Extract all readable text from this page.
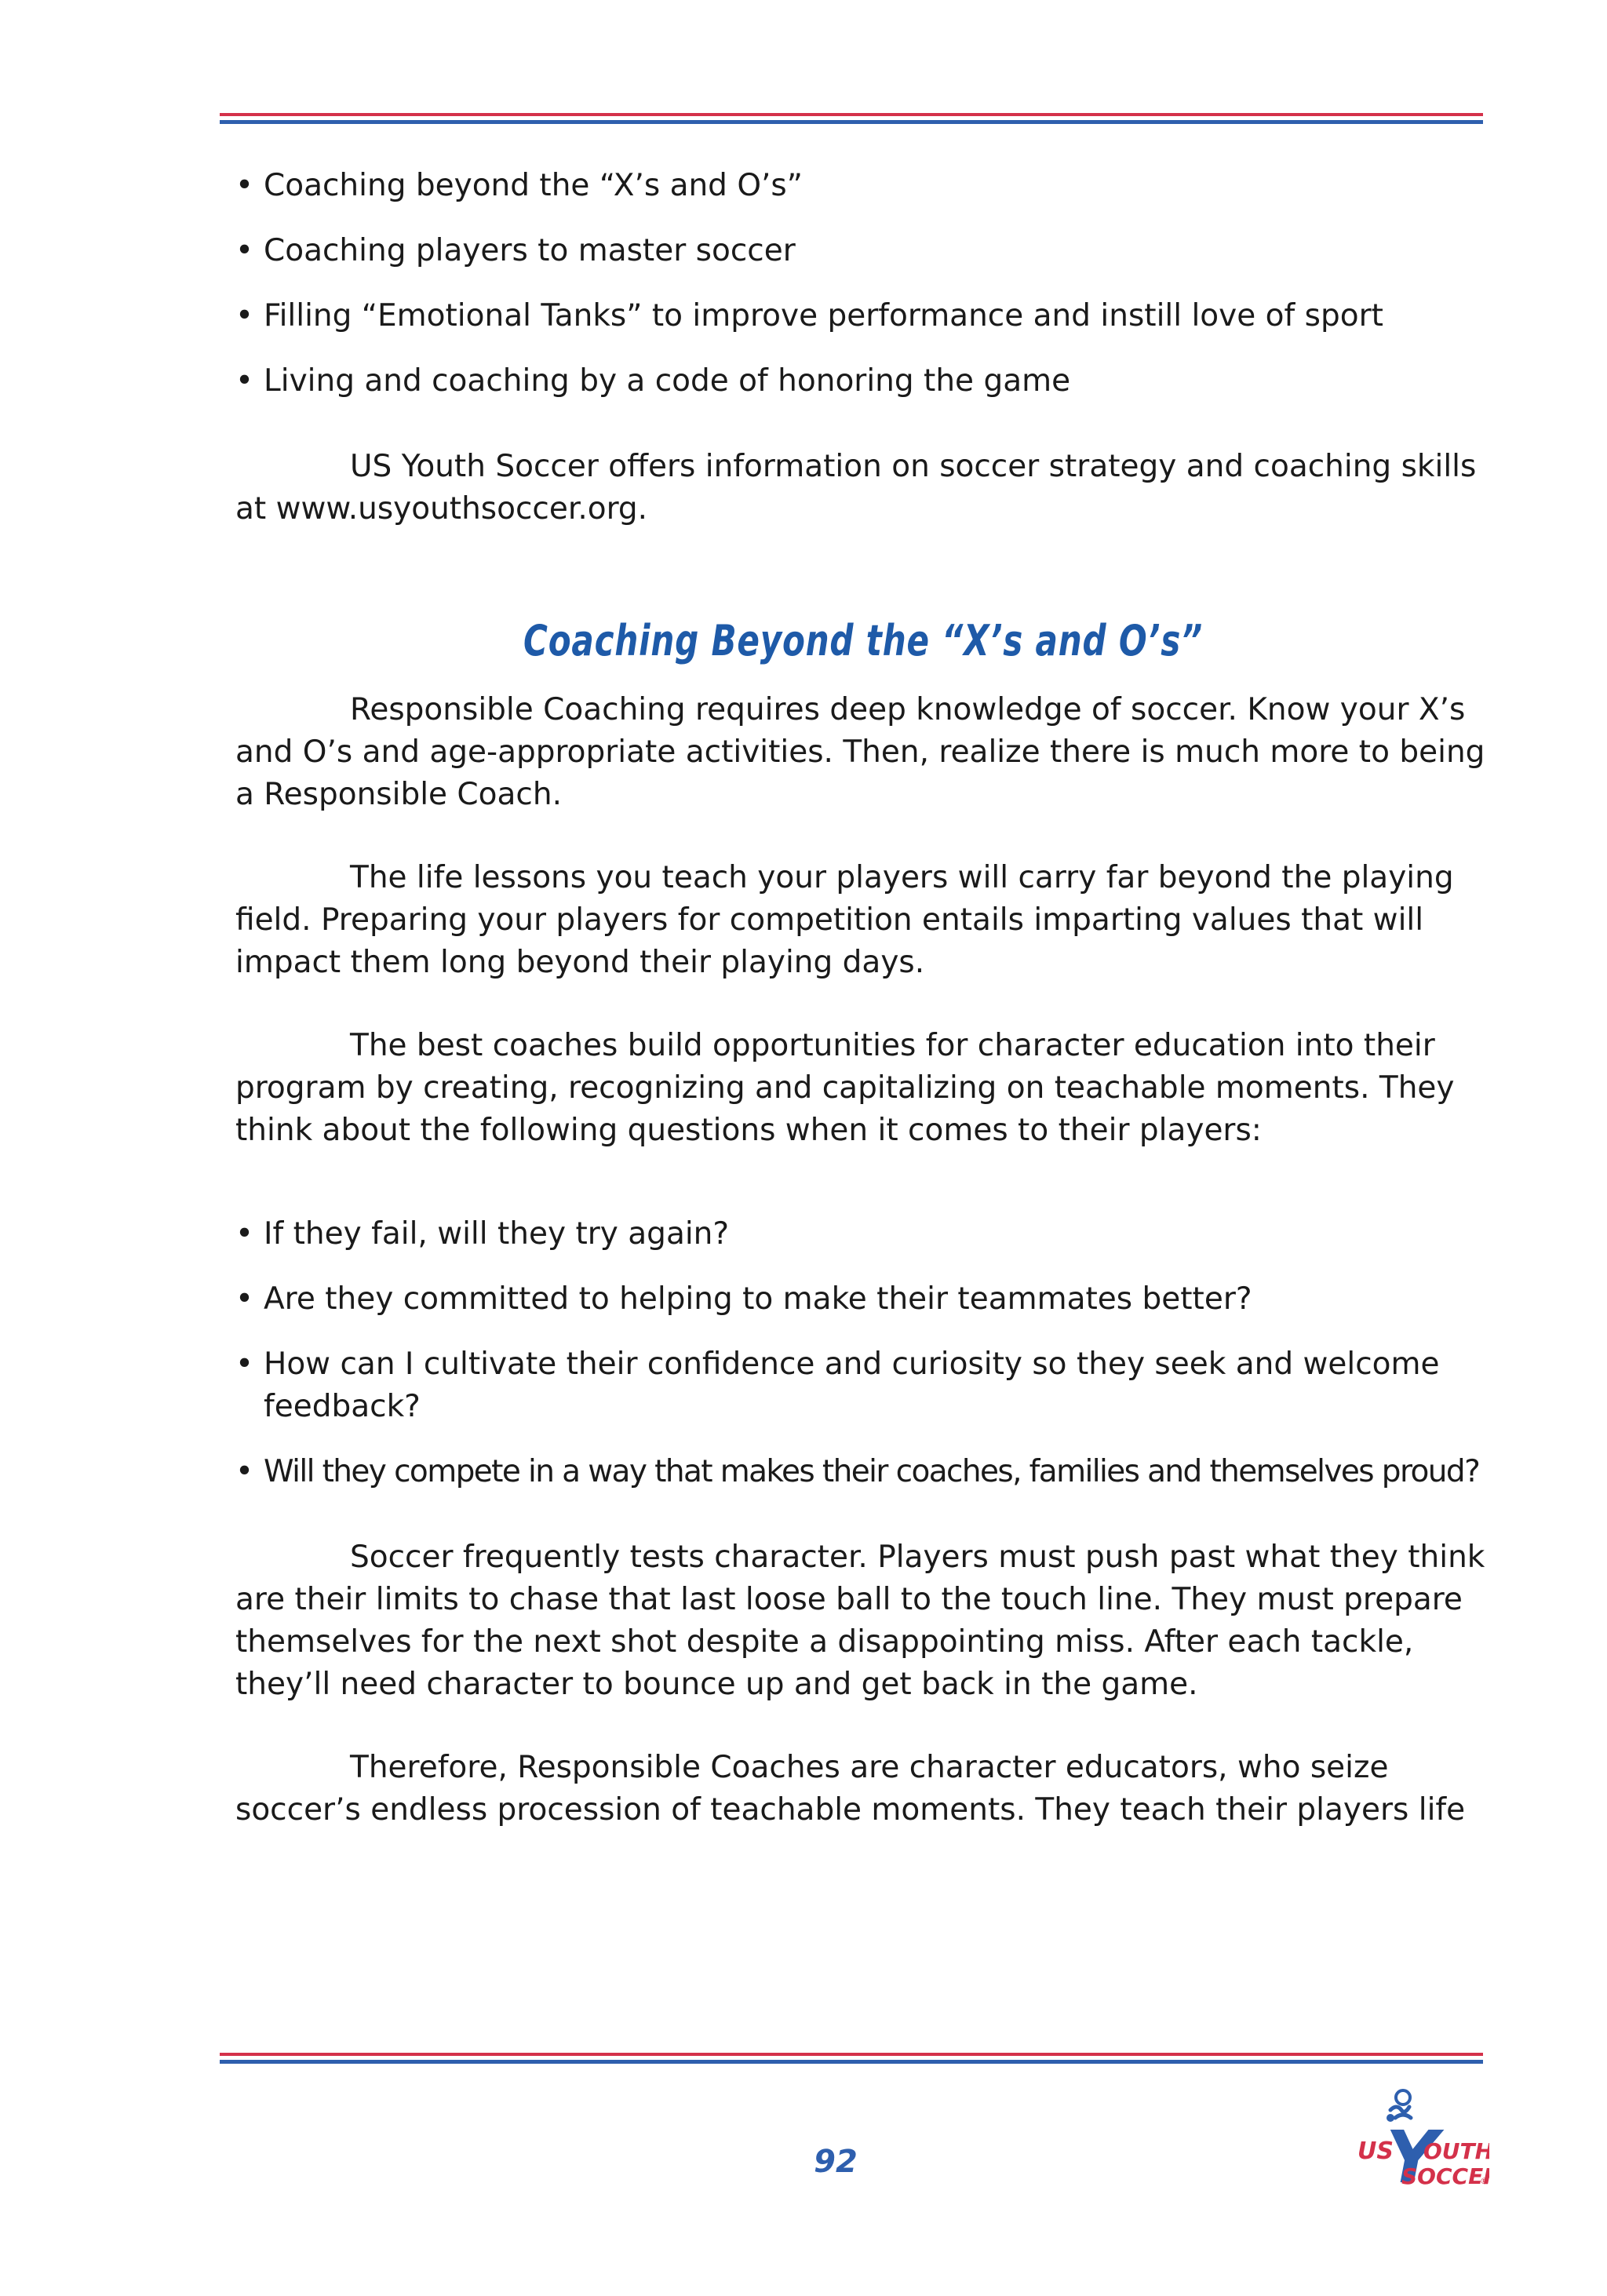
• Coaching beyond the “X’s and O’s”
• Coaching players to master soccer
• Filling “Emotional Tanks” to improve performance and instill love of sport
• Living and coaching by a code of honoring the game

US Youth Soccer offers information on soccer strategy and coaching skills at www.usyouthsoccer.org.

Coaching Beyond the “X’s and O’s”

Responsible Coaching requires deep knowledge of soccer. Know your X’s and O’s and age-appropriate activities. Then, realize there is much more to being a Responsible Coach.

The life lessons you teach your players will carry far beyond the playing field. Preparing your players for competition entails imparting values that will impact them long beyond their playing days.

The best coaches build opportunities for character education into their program by creating, recognizing and capitalizing on teachable moments. They think about the following questions when it comes to their players:

• If they fail, will they try again?
• Are they committed to helping to make their teammates better?
• How can I cultivate their confidence and curiosity so they seek and welcome feedback?
• Will they compete in a way that makes their coaches, families and themselves proud?

Soccer frequently tests character. Players must push past what they think are their limits to chase that last loose ball to the touch line. They must prepare themselves for the next shot despite a disappointing miss. After each tackle, they’ll need character to bounce up and get back in the game.

Therefore, Responsible Coaches are character educators, who seize soccer’s endless procession of teachable moments. They teach their players life

92	Y
US OUTH
SOCCE
®
